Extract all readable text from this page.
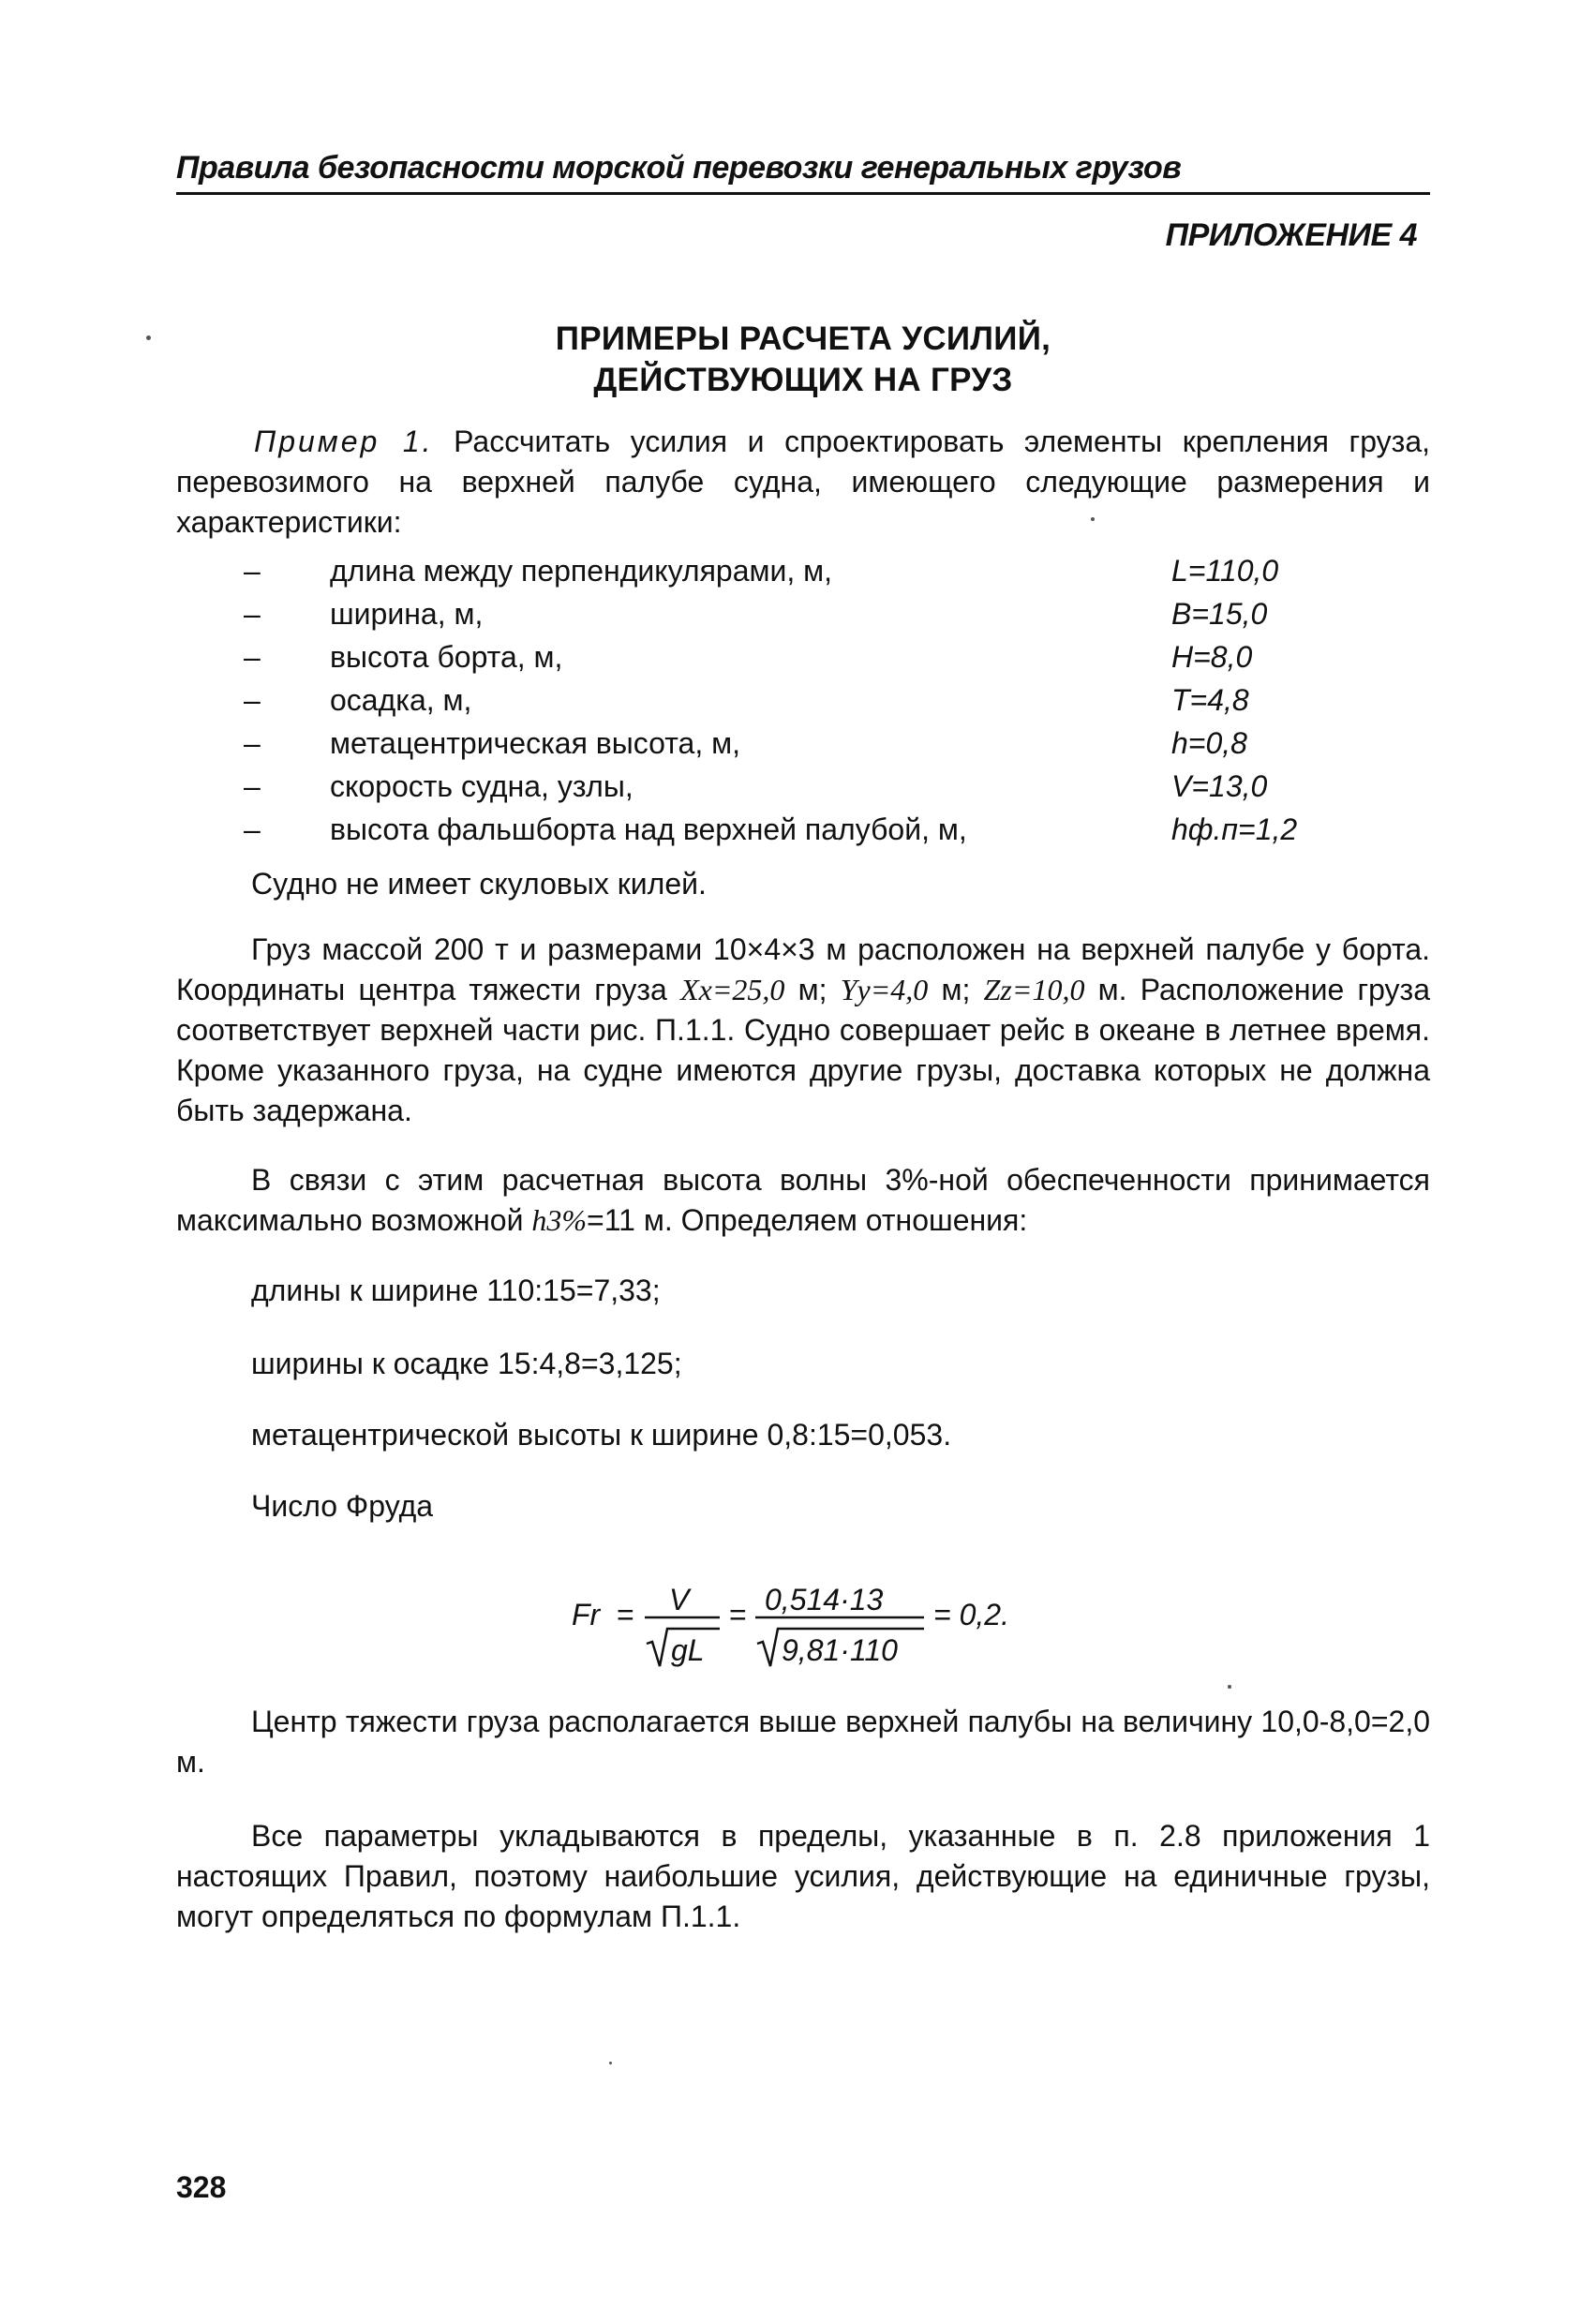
Правила безопасности морской перевозки генеральных грузов
ПРИЛОЖЕНИЕ 4
ПРИМЕРЫ РАСЧЕТА УСИЛИЙ,
ДЕЙСТВУЮЩИХ НА ГРУЗ
Пример 1. Рассчитать усилия и спроектировать элементы крепления груза, перевозимого на верхней палубе судна, имеющего следующие размерения и характеристики:
– длина между перпендикулярами, м,	L=110,0
– ширина, м,	B=15,0
– высота борта, м,	H=8,0
– осадка, м,	T=4,8
– метацентрическая высота, м,	h=0,8
– скорость судна, узлы,	V=13,0
– высота фальшборта над верхней палубой, м,	hф.п=1,2
Судно не имеет скуловых килей.
Груз массой 200 т и размерами 10×4×3 м расположен на верхней палубе у борта. Координаты центра тяжести груза Xx=25,0 м; Yy=4,0 м; Zz=10,0 м. Расположение груза соответствует верхней части рис. П.1.1. Судно совершает рейс в океане в летнее время. Кроме указанного груза, на судне имеются другие грузы, доставка которых не должна быть задержана.
В связи с этим расчетная высота волны 3%-ной обеспеченности принимается максимально возможной h3%=11 м. Определяем отношения:
длины к ширине 110:15=7,33;
ширины к осадке 15:4,8=3,125;
метацентрической высоты к ширине 0,8:15=0,053.
Число Фруда
Fr = V
gL
= 0,514·13
9,81·110
= 0,2.
Центр тяжести груза располагается выше верхней палубы на величину 10,0-8,0=2,0 м.
Все параметры укладываются в пределы, указанные в п. 2.8 приложения 1 настоящих Правил, поэтому наибольшие усилия, действующие на единичные грузы, могут определяться по формулам П.1.1.
328
